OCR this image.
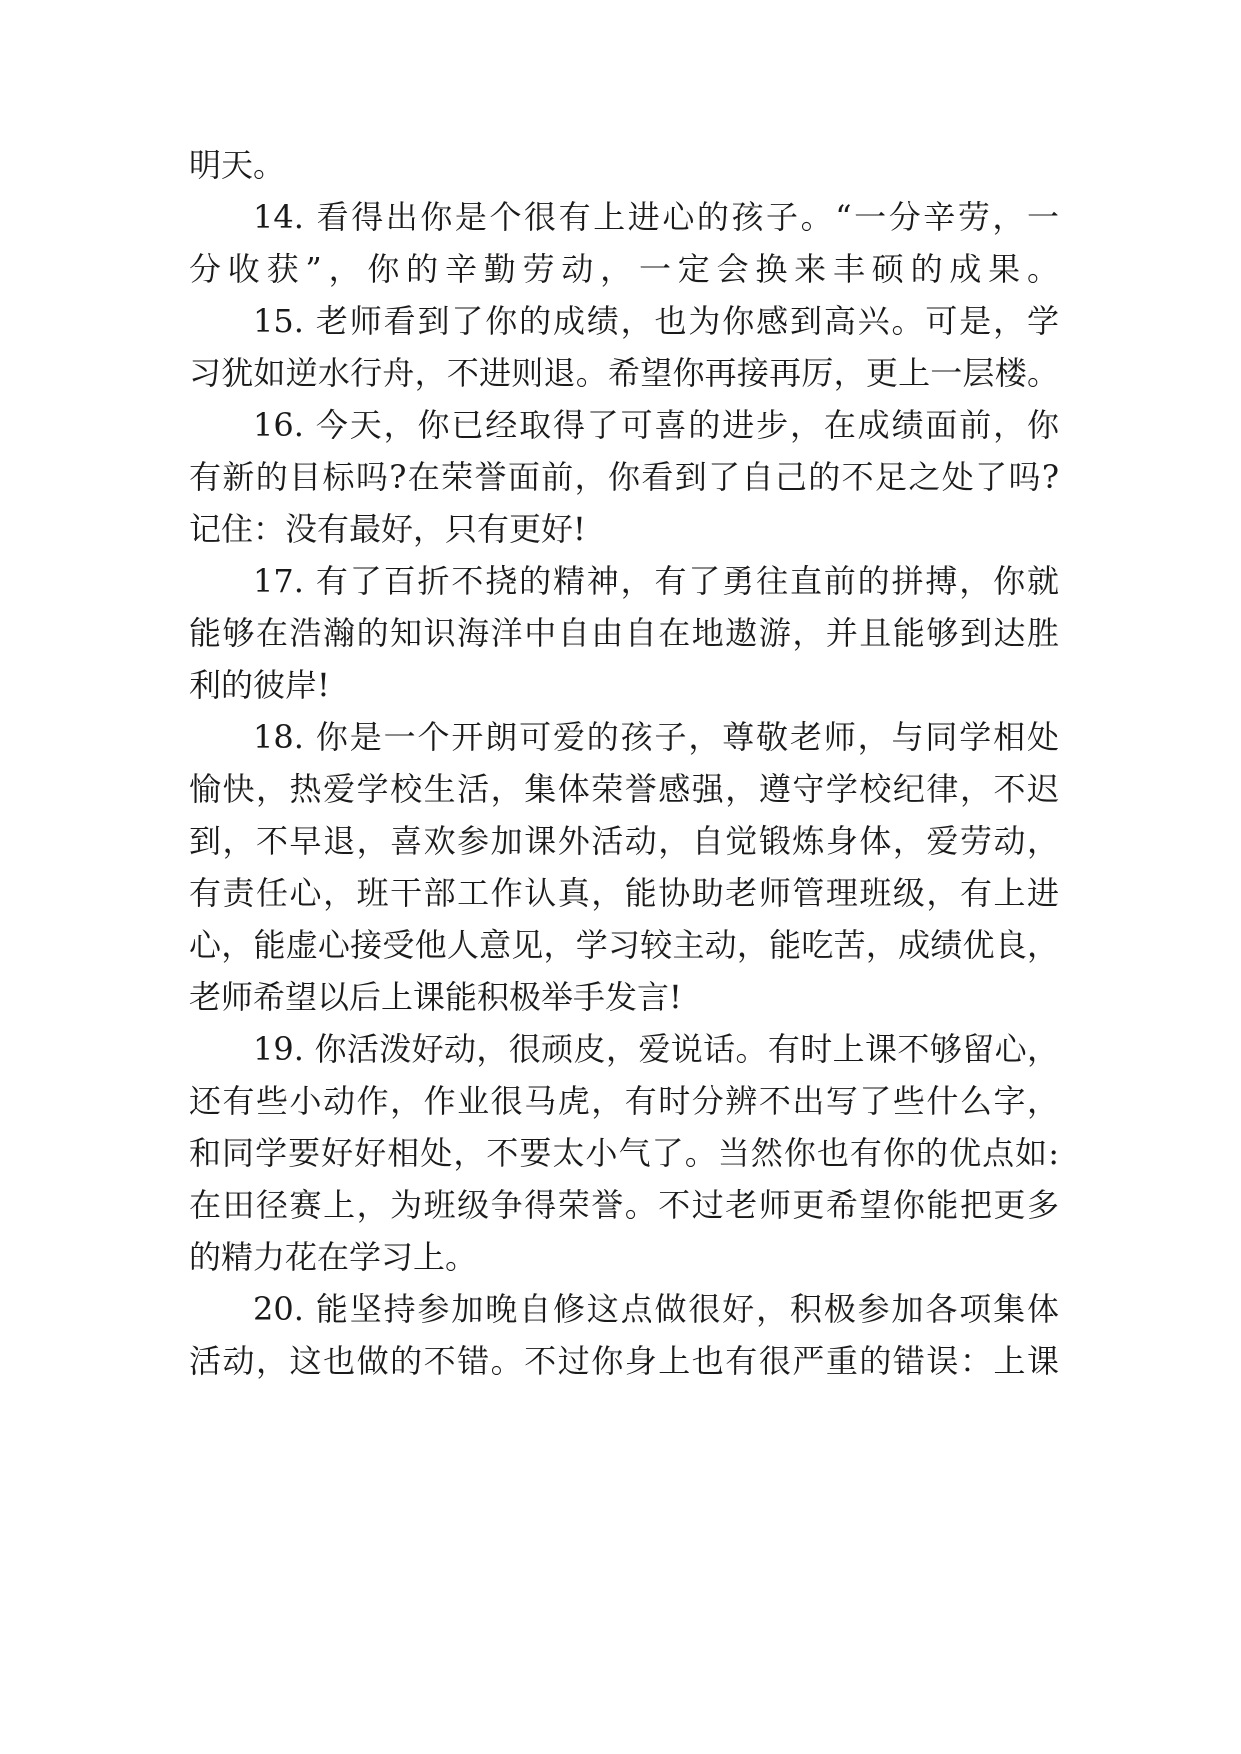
明天。
14. 看得出你是个很有上进心的孩子。“一分辛劳，一
分收获”，你的辛勤劳动，一定会换来丰硕的成果。
15. 老师看到了你的成绩，也为你感到高兴。可是，学
习犹如逆水行舟，不进则退。希望你再接再厉，更上一层楼。
16. 今天，你已经取得了可喜的进步，在成绩面前，你
有新的目标吗?在荣誉面前，你看到了自己的不足之处了吗?
记住：没有最好，只有更好!
17. 有了百折不挠的精神，有了勇往直前的拼搏，你就
能够在浩瀚的知识海洋中自由自在地遨游，并且能够到达胜
利的彼岸!
18. 你是一个开朗可爱的孩子，尊敬老师，与同学相处
愉快，热爱学校生活，集体荣誉感强，遵守学校纪律，不迟
到，不早退，喜欢参加课外活动，自觉锻炼身体，爱劳动，
有责任心，班干部工作认真，能协助老师管理班级，有上进
心，能虚心接受他人意见，学习较主动，能吃苦，成绩优良，
老师希望以后上课能积极举手发言!
19. 你活泼好动，很顽皮，爱说话。有时上课不够留心，
还有些小动作，作业很马虎，有时分辨不出写了些什么字，
和同学要好好相处，不要太小气了。当然你也有你的优点如:
在田径赛上，为班级争得荣誉。不过老师更希望你能把更多
的精力花在学习上。
20. 能坚持参加晚自修这点做很好，积极参加各项集体
活动，这也做的不错。不过你身上也有很严重的错误：上课
